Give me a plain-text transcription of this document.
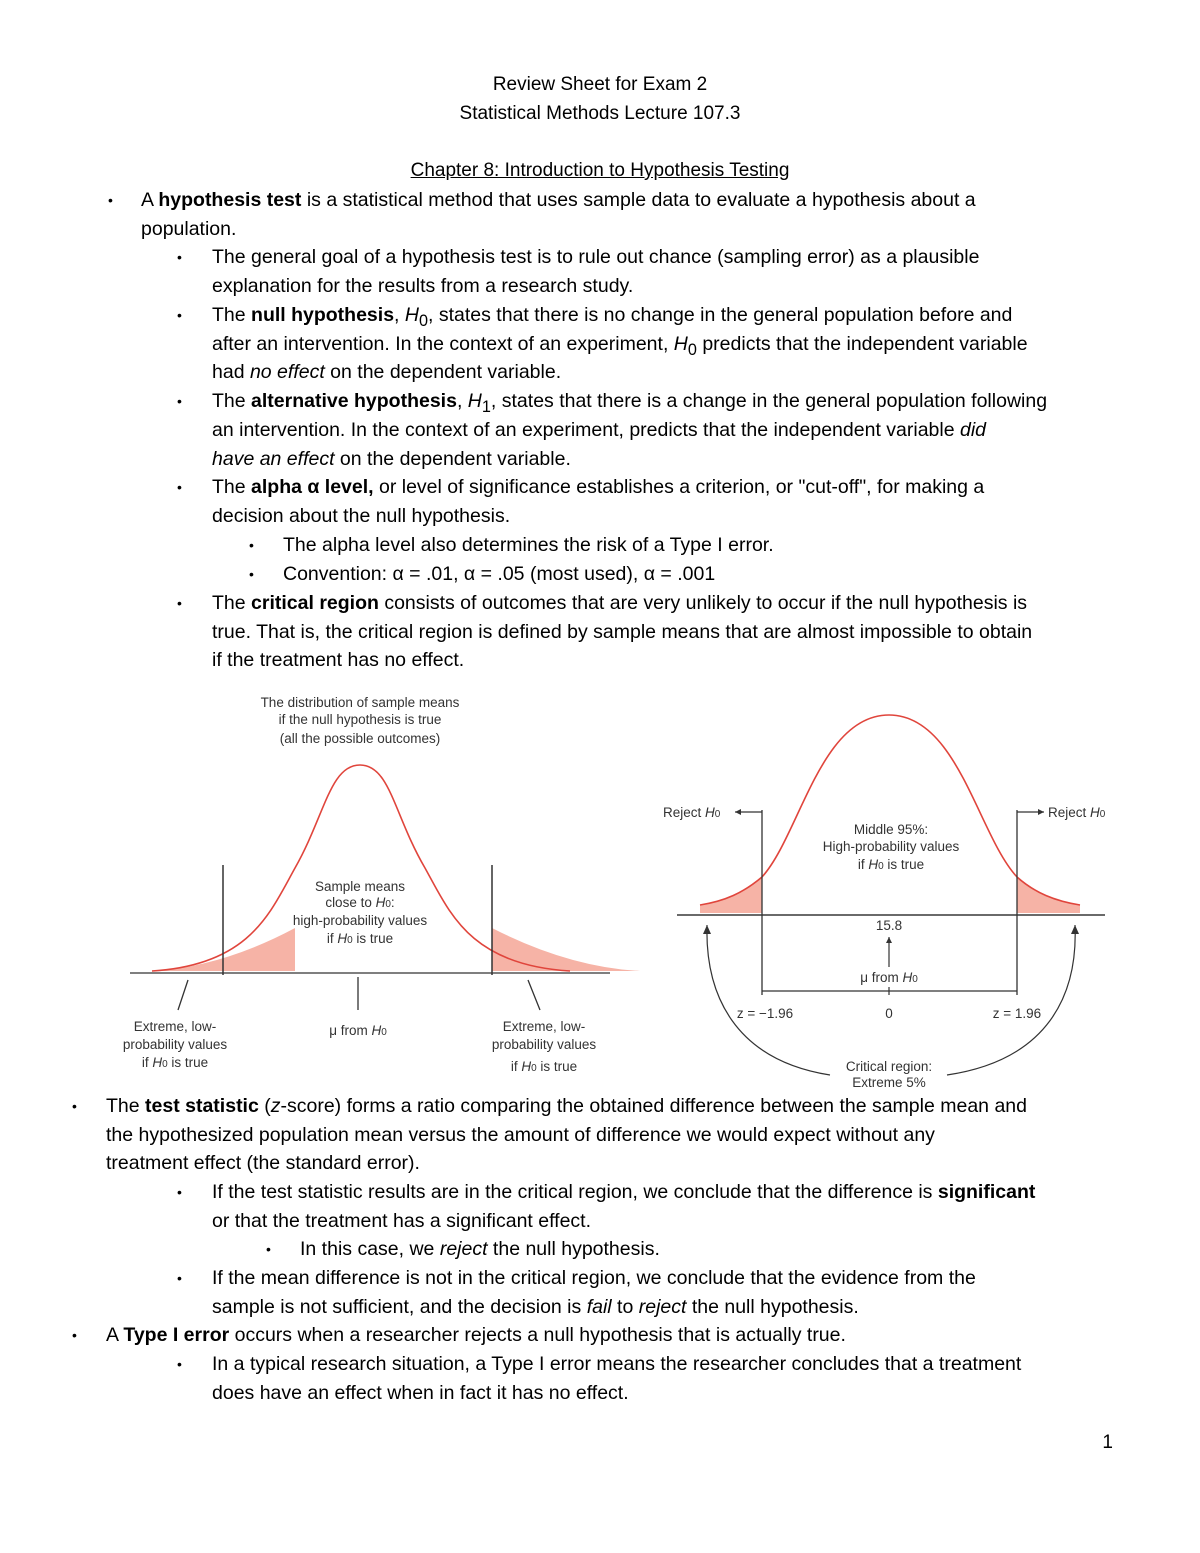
Review Sheet for Exam 2
Statistical Methods Lecture 107.3
Chapter 8: Introduction to Hypothesis Testing
• A hypothesis test is a statistical method that uses sample data to evaluate a hypothesis about a
population.
• The general goal of a hypothesis test is to rule out chance (sampling error) as a plausible
explanation for the results from a research study.
• The null hypothesis, $H_0$, states that there is no change in the general population before and
after an intervention. In the context of an experiment, $H_0$ predicts that the independent variable
had no effect on the dependent variable.
• The alternative hypothesis, $H_1$, states that there is a change in the general population following
an intervention. In the context of an experiment, predicts that the independent variable did
have an effect on the dependent variable.
• The alpha α level, or level of significance establishes a criterion, or "cut-off", for making a
decision about the null hypothesis.
• The alpha level also determines the risk of a Type I error.
• Convention: α = .01, α = .05 (most used), α = .001
• The critical region consists of outcomes that are very unlikely to occur if the null hypothesis is
true. That is, the critical region is defined by sample means that are almost impossible to obtain
if the treatment has no effect.
The distribution of sample means
if the null hypothesis is true
(all the possible outcomes)
Sample means
close to H0:
high-probability values
if H0 is true
Extreme, low-
probability values
if H0 is true
μ from H0	Extreme, low-
probability values
if H0 is true
Reject H0	Reject H0
Middle 95%:
High-probability values
if H0 is true
15.8
μ from H0
z = −1.96	0	z = 1.96
Critical region:
Extreme 5%
• The test statistic (z-score) forms a ratio comparing the obtained difference between the sample mean and
the hypothesized population mean versus the amount of difference we would expect without any
treatment effect (the standard error).
• If the test statistic results are in the critical region, we conclude that the difference is significant
or that the treatment has a significant effect.
• In this case, we reject the null hypothesis.
• If the mean difference is not in the critical region, we conclude that the evidence from the
sample is not sufficient, and the decision is fail to reject the null hypothesis.
• A Type I error occurs when a researcher rejects a null hypothesis that is actually true.
• In a typical research situation, a Type I error means the researcher concludes that a treatment
does have an effect when in fact it has no effect.
1
